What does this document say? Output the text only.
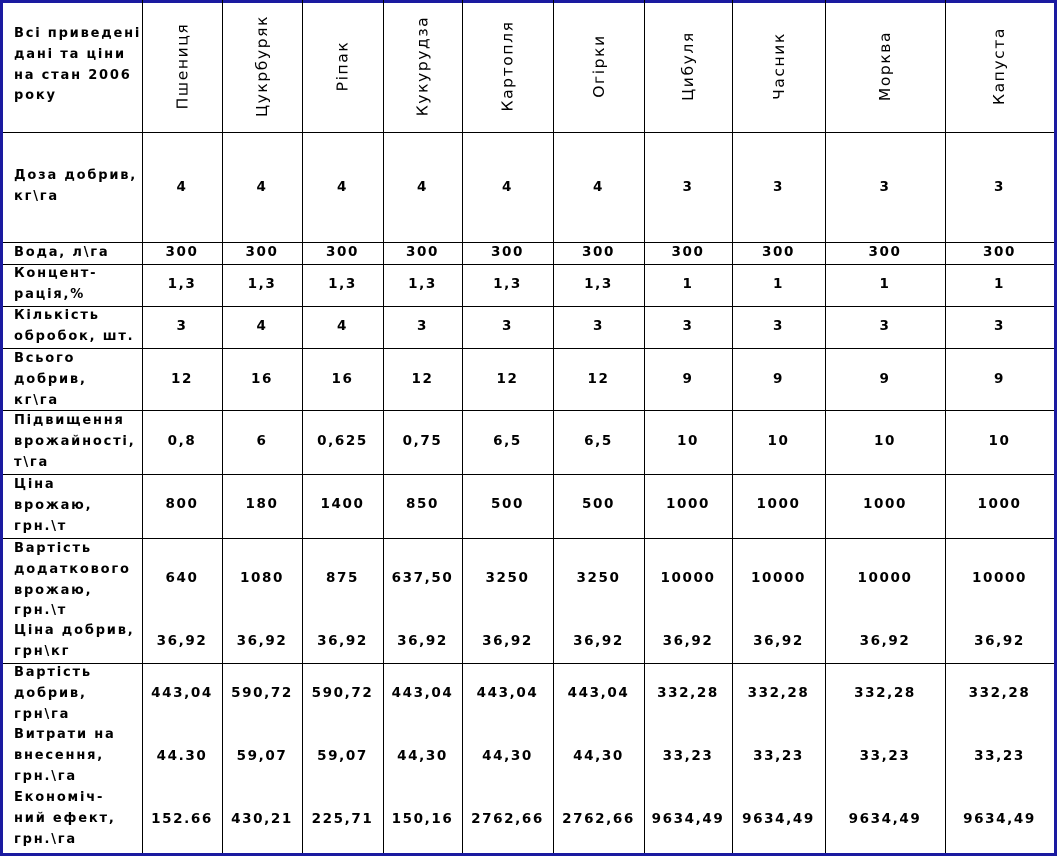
Всі приведені
дані та ціни
на стан 2006
року	Пшениця	Цукрбуряк	Ріпак	Кукурудза	Картопля	Огірки	Цибуля	Часник	Морква	Капуста
Доза добрив,
кг\га
4	4	4	4	4	4	3	3	3	3
Вода, л\га	300	300	300	300	300	300	300	300	300	300
Концент-
рація,%
1,3	1,3	1,3	1,3	1,3	1,3	1	1	1	1
Кількість
обробок, шт.
3	4	4	3	3	3	3	3	3	3
Всього
добрив,
кг\га
12	16	16	12	12	12	9	9	9	9
Підвищення
врожайності,
т\га
0,8	6	0,625	0,75	6,5	6,5	10	10	10	10
Ціна
врожаю,
грн.\т
800	180	1400	850	500	500	1000	1000	1000	1000
Вартість
додаткового
врожаю,
грн.\т
640	1080	875	637,50	3250	3250	10000	10000	10000	10000
Ціна добрив,
грн\кг
36,92	36,92	36,92	36,92	36,92	36,92	36,92	36,92	36,92	36,92
Вартість
добрив,
грн\га
443,04	590,72	590,72	443,04	443,04	443,04	332,28	332,28	332,28	332,28
Витрати на
внесення,
грн.\га
44.30	59,07	59,07	44,30	44,30	44,30	33,23	33,23	33,23	33,23
Економіч-
ний ефект,
грн.\га
152.66	430,21	225,71	150,16	2762,66	2762,66	9634,49	9634,49	9634,49	9634,49
